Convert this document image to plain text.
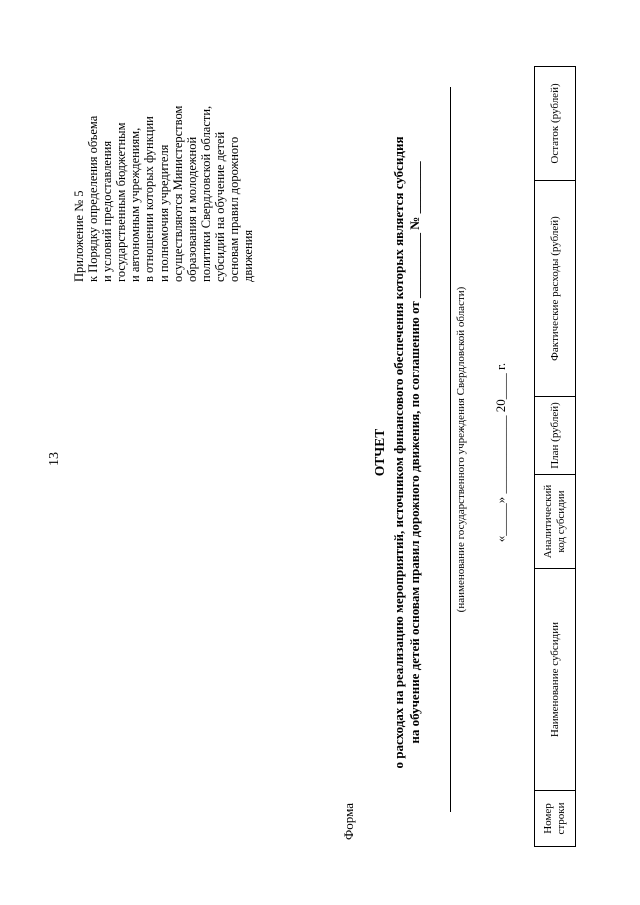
13
Приложение № 5 к Порядку определения объема и условий предоставления государственным бюджетным и автономным учреждениям, в отношении которых функции и полномочия учредителя осуществляются Министерством образования и молодежной политики Свердловской области, субсидий на обучение детей основам правил дорожного движения
Форма
ОТЧЕТ о расходах на реализацию мероприятий, источником финансового обеспечения которых является субсидия на обучение детей основам правил дорожного движения, по соглашению от __________ № ________	(наименование государственного учреждения Свердловской области) «_____» ____________ 20____ г.
Номер строки	Наименование субсидии	Аналитический код субсидии	План (рублей)	Фактические расходы (рублей)	Остаток (рублей)
